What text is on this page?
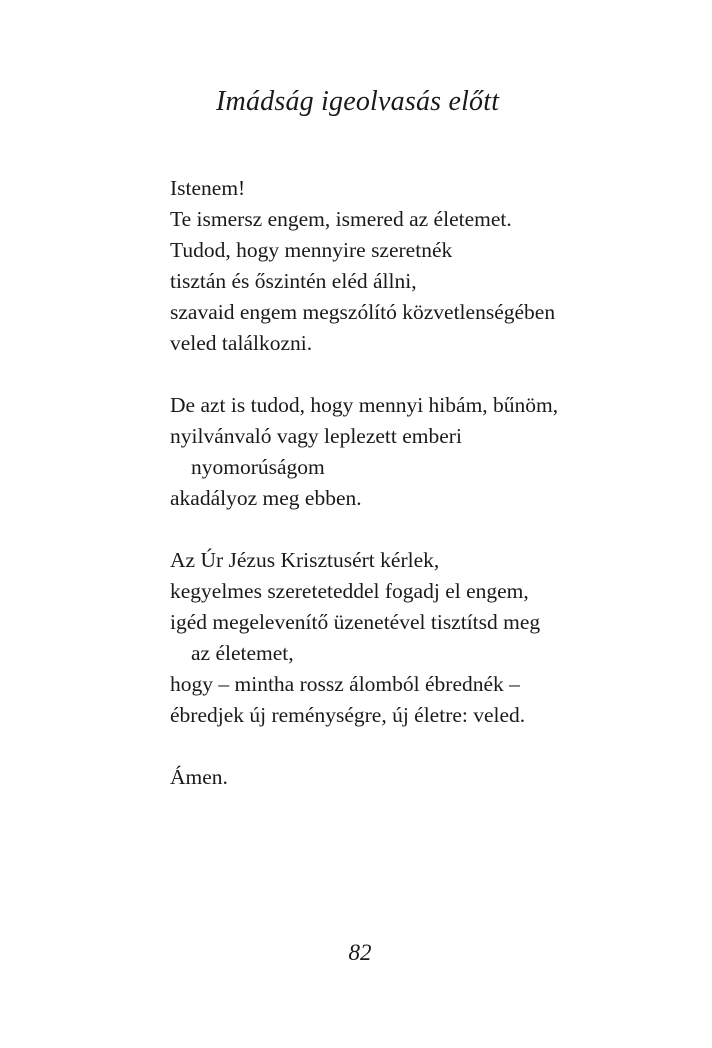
Imádság igeolvasás előtt
Istenem!
Te ismersz engem, ismered az életemet.
Tudod, hogy mennyire szeretnék
tisztán és őszintén eléd állni,
szavaid engem megszólító közvetlenségében
veled találkozni.
De azt is tudod, hogy mennyi hibám, bűnöm,
nyilvánvaló vagy leplezett emberi
nyomorúságom
akadályoz meg ebben.
Az Úr Jézus Krisztusért kérlek,
kegyelmes szereteteddel fogadj el engem,
igéd megelevenítő üzenetével tisztítsd meg
az életemet,
hogy – mintha rossz álomból ébrednék –
ébredjek új reménységre, új életre: veled.
Ámen.
82
